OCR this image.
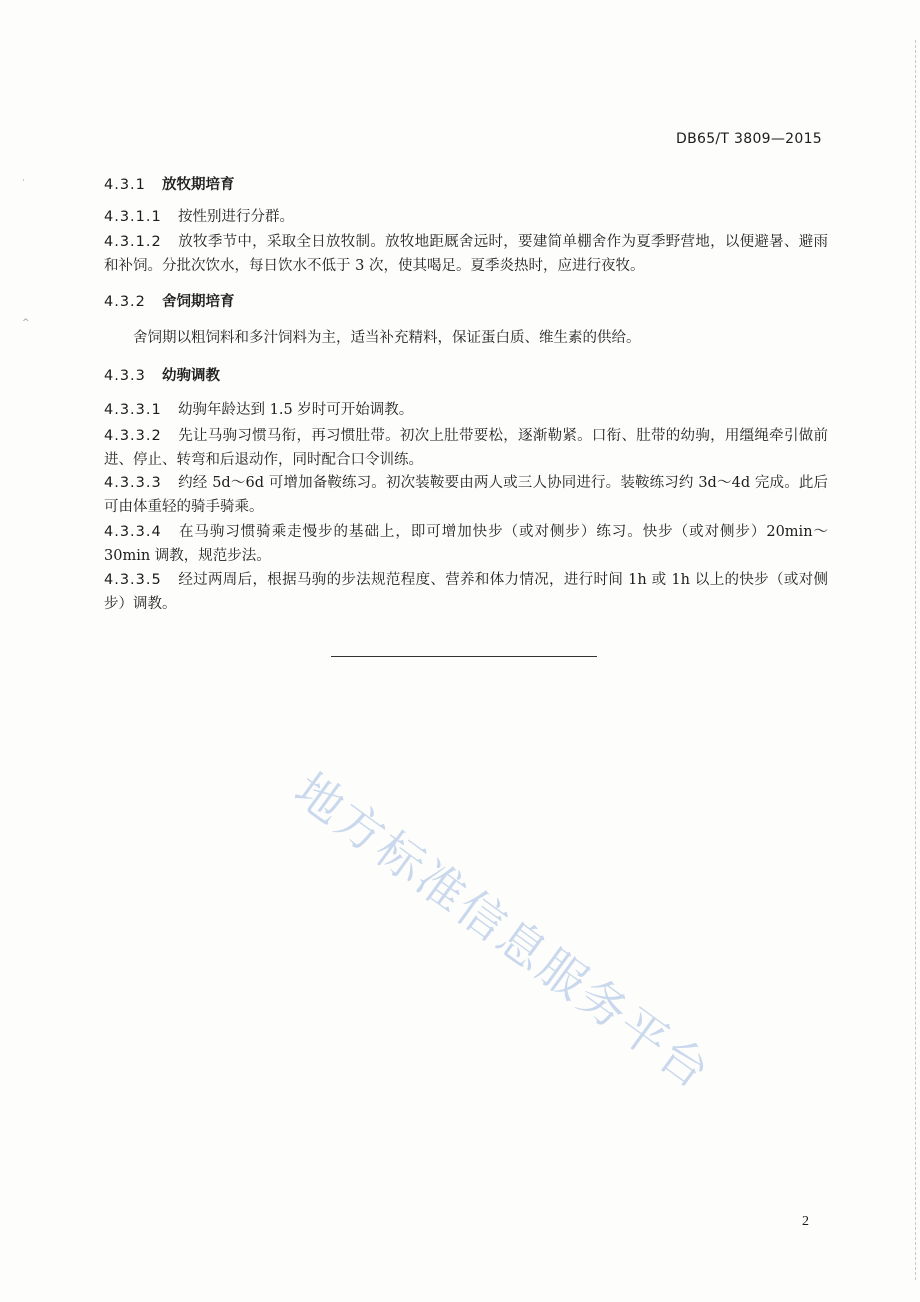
·
^
DB65/T 3809—2015
4.3.1 放牧期培育
4.3.1.1 按性别进行分群。
4.3.1.2 放牧季节中，采取全日放牧制。放牧地距厩舍远时，要建简单棚舍作为夏季野营地，以便避暑、避雨和补饲。分批次饮水，每日饮水不低于 3 次，使其喝足。夏季炎热时，应进行夜牧。
4.3.2 舍饲期培育
舍饲期以粗饲料和多汁饲料为主，适当补充精料，保证蛋白质、维生素的供给。
4.3.3 幼驹调教
4.3.3.1 幼驹年龄达到 1.5 岁时可开始调教。
4.3.3.2 先让马驹习惯马衔，再习惯肚带。初次上肚带要松，逐渐勒紧。口衔、肚带的幼驹，用缰绳牵引做前进、停止、转弯和后退动作，同时配合口令训练。
4.3.3.3 约经 5d～6d 可增加备鞍练习。初次装鞍要由两人或三人协同进行。装鞍练习约 3d～4d 完成。此后可由体重轻的骑手骑乘。
4.3.3.4 在马驹习惯骑乘走慢步的基础上，即可增加快步（或对侧步）练习。快步（或对侧步）20min～30min 调教，规范步法。
4.3.3.5 经过两周后，根据马驹的步法规范程度、营养和体力情况，进行时间 1h 或 1h 以上的快步（或对侧步）调教。
地方标准信息服务平台
2
